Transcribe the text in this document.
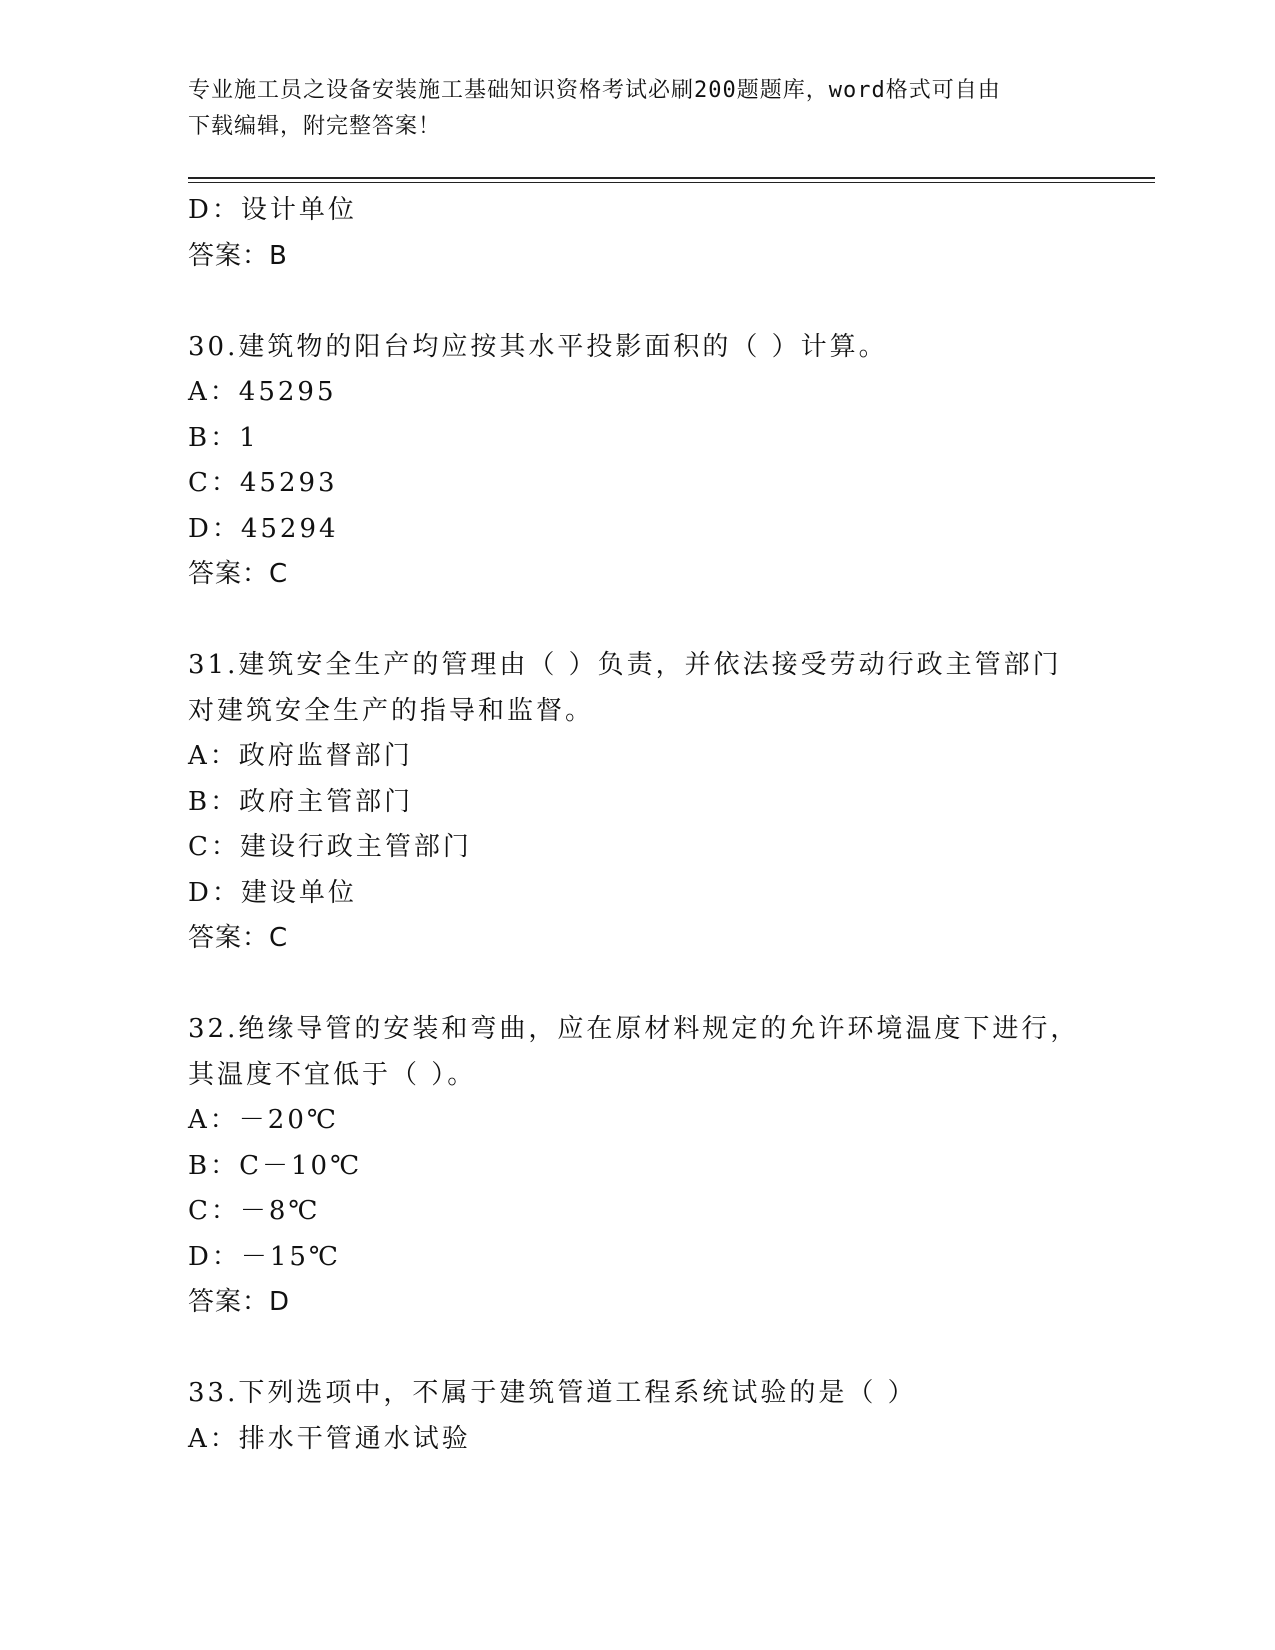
专业施工员之设备安装施工基础知识资格考试必刷200题题库，word格式可自由
下载编辑，附完整答案！
D：设计单位
答案：B
30.建筑物的阳台均应按其水平投影面积的（ ）计算。
A：45295
B：1
C：45293
D：45294
答案：C
31.建筑安全生产的管理由（ ）负责，并依法接受劳动行政主管部门
对建筑安全生产的指导和监督。
A：政府监督部门
B：政府主管部门
C：建设行政主管部门
D：建设单位
答案：C
32.绝缘导管的安装和弯曲，应在原材料规定的允许环境温度下进行，
其温度不宜低于（ ）。
A：－20℃
B：C－10℃
C：－8℃
D：－15℃
答案：D
33.下列选项中，不属于建筑管道工程系统试验的是（ ）
A：排水干管通水试验
